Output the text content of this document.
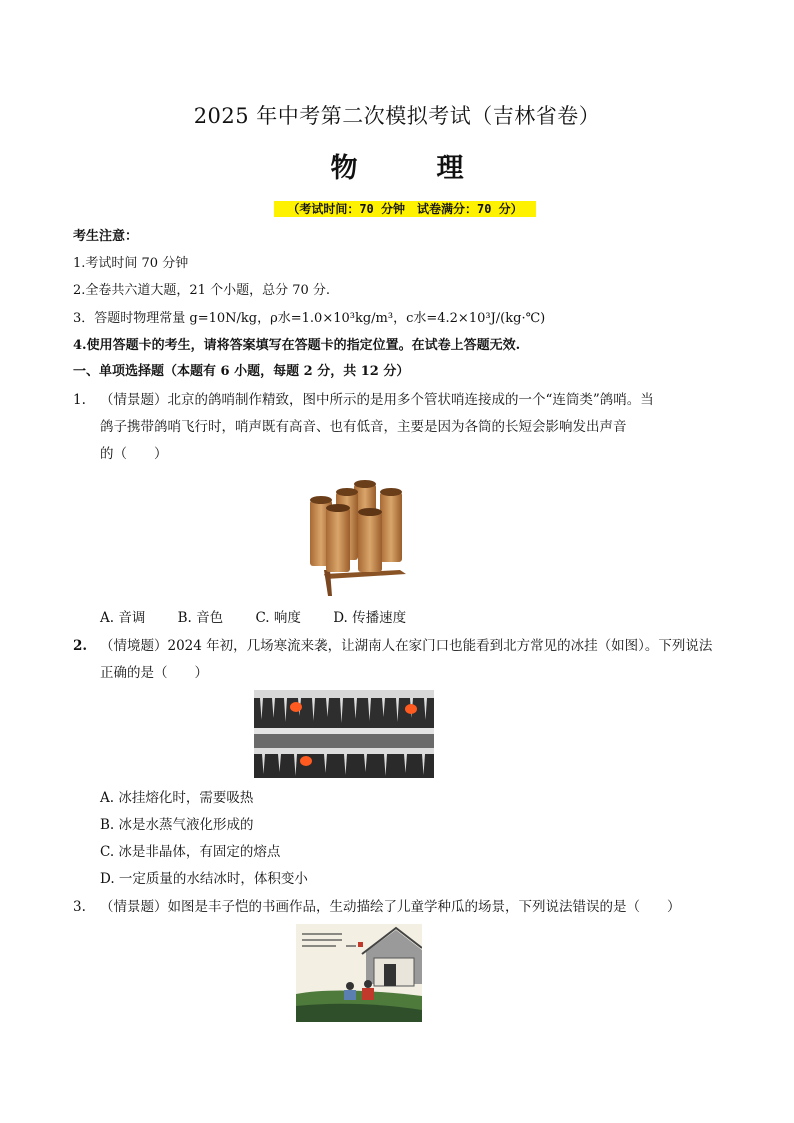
2025 年中考第二次模拟考试（吉林省卷）
物　理
（考试时间：70 分钟　试卷满分：70 分）
考生注意：
1.考试时间 70 分钟
2.全卷共六道大题，21 个小题，总分 70 分.
3．答题时物理常量 g=10N/kg，ρ水=1.0×10³kg/m³，c水=4.2×10³J/(kg·℃)
4.使用答题卡的考生，请将答案填写在答题卡的指定位置。在试卷上答题无效.
一、单项选择题（本题有 6 小题，每题 2 分，共 12 分）
1. （情景题）北京的鸽哨制作精致，图中所示的是用多个管状哨连接成的一个“连筒类”鸽哨。当
鸽子携带鸽哨飞行时，哨声既有高音、也有低音，主要是因为各筒的长短会影响发出声音
的（　　）
A. 音调 B. 音色 C. 响度 D. 传播速度
2. （情境题）2024 年初，几场寒流来袭，让湖南人在家门口也能看到北方常见的冰挂（如图）。下列说法
正确的是（　　）
A. 冰挂熔化时，需要吸热
B. 冰是水蒸气液化形成的
C. 冰是非晶体，有固定的熔点
D. 一定质量的水结冰时，体积变小
3. （情景题）如图是丰子恺的书画作品，生动描绘了儿童学种瓜的场景，下列说法错误的是（　　）
